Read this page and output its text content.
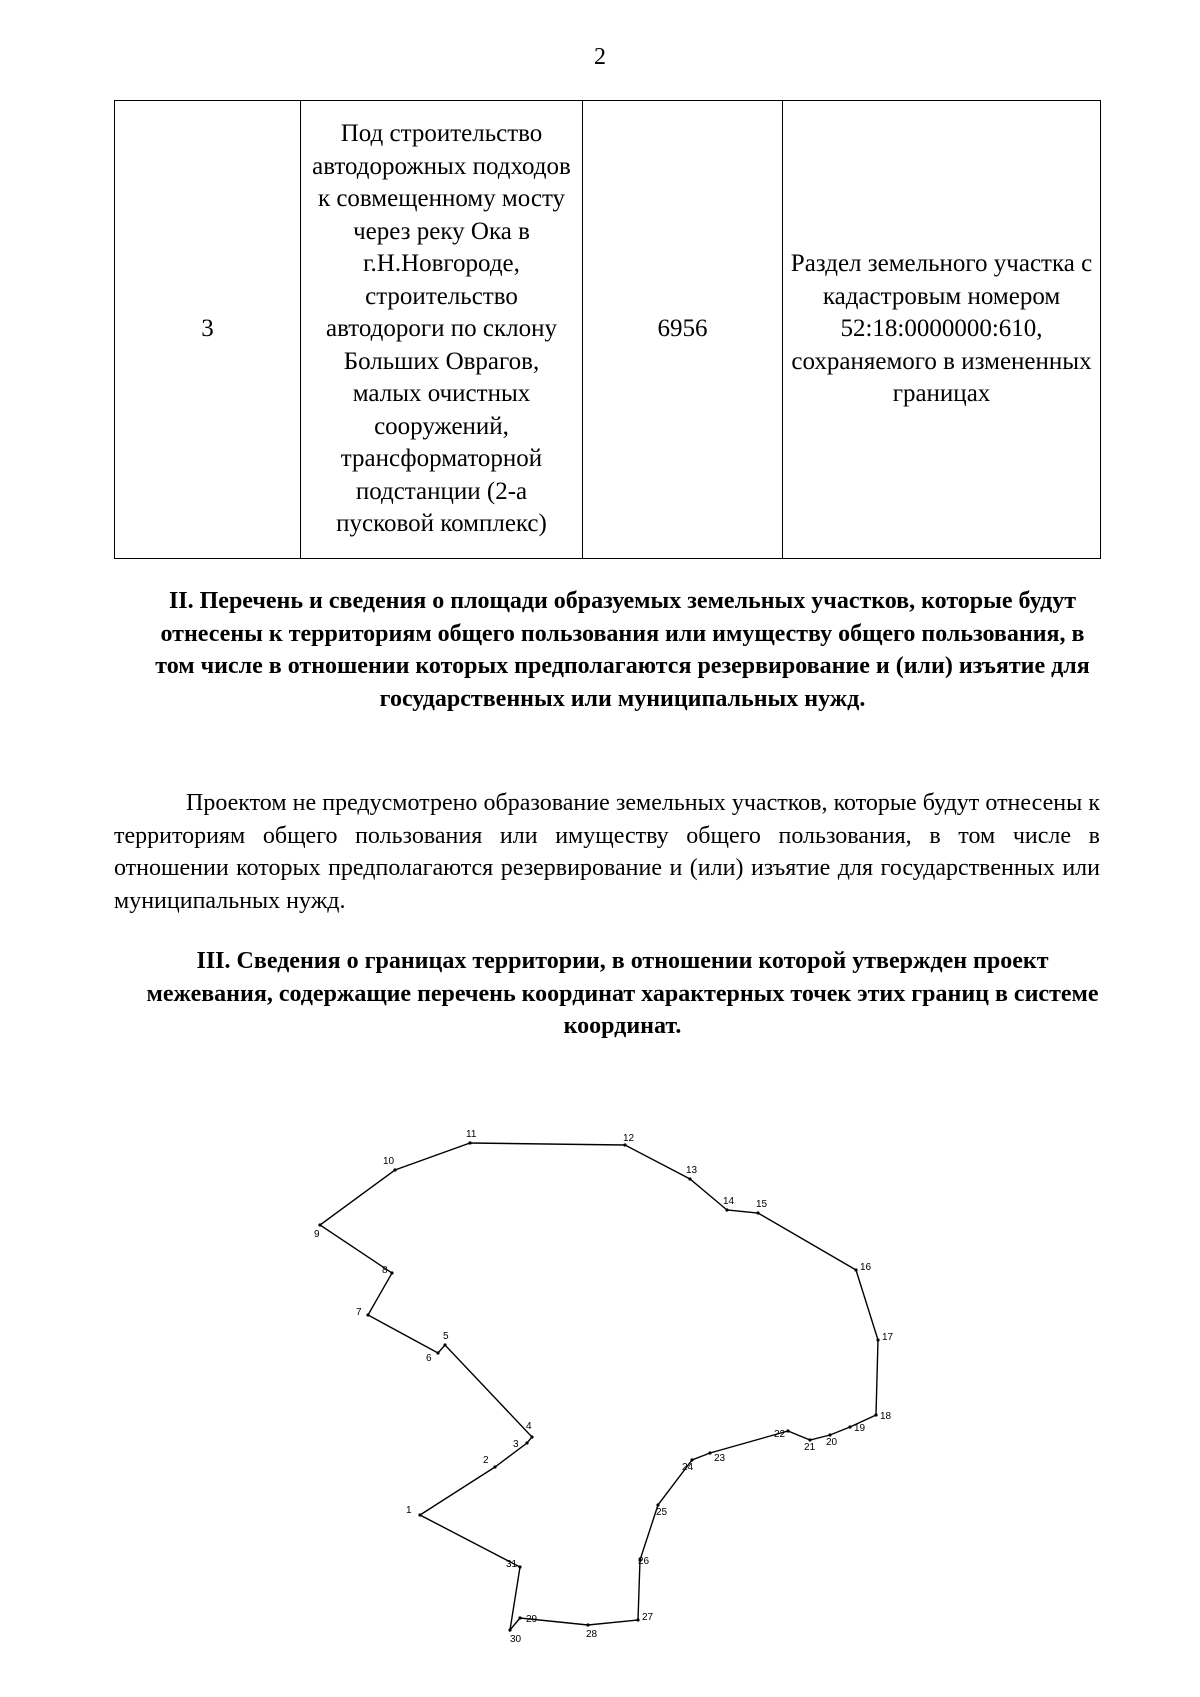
2
3	Под строительство автодорожных подходов к совмещенному мосту через реку Ока в г.Н.Новгороде, строительство автодороги по склону Больших Оврагов, малых очистных сооружений, трансформаторной подстанции (2-а пусковой комплекс)	6956	Раздел земельного участка с кадастровым номером 52:18:0000000:610, сохраняемого в измененных границах
II. Перечень и сведения о площади образуемых земельных участков, которые будут отнесены к территориям общего пользования или имуществу общего пользования, в том числе в отношении которых предполагаются резервирование и (или) изъятие для государственных или муниципальных нужд.
Проектом не предусмотрено образование земельных участков, которые будут отнесены к территориям общего пользования или имуществу общего пользования, в том числе в отношении которых предполагаются резервирование и (или) изъятие для государственных или муниципальных нужд.
III. Сведения о границах территории, в отношении которой утвержден проект межевания, содержащие перечень координат характерных точек этих границ в системе координат.
1
2
3
4
5
6
7
8
9
10
11	12
13
14 15
16
17
18
19
20
21
22
23
24
25
26
27
28
29
30
31
